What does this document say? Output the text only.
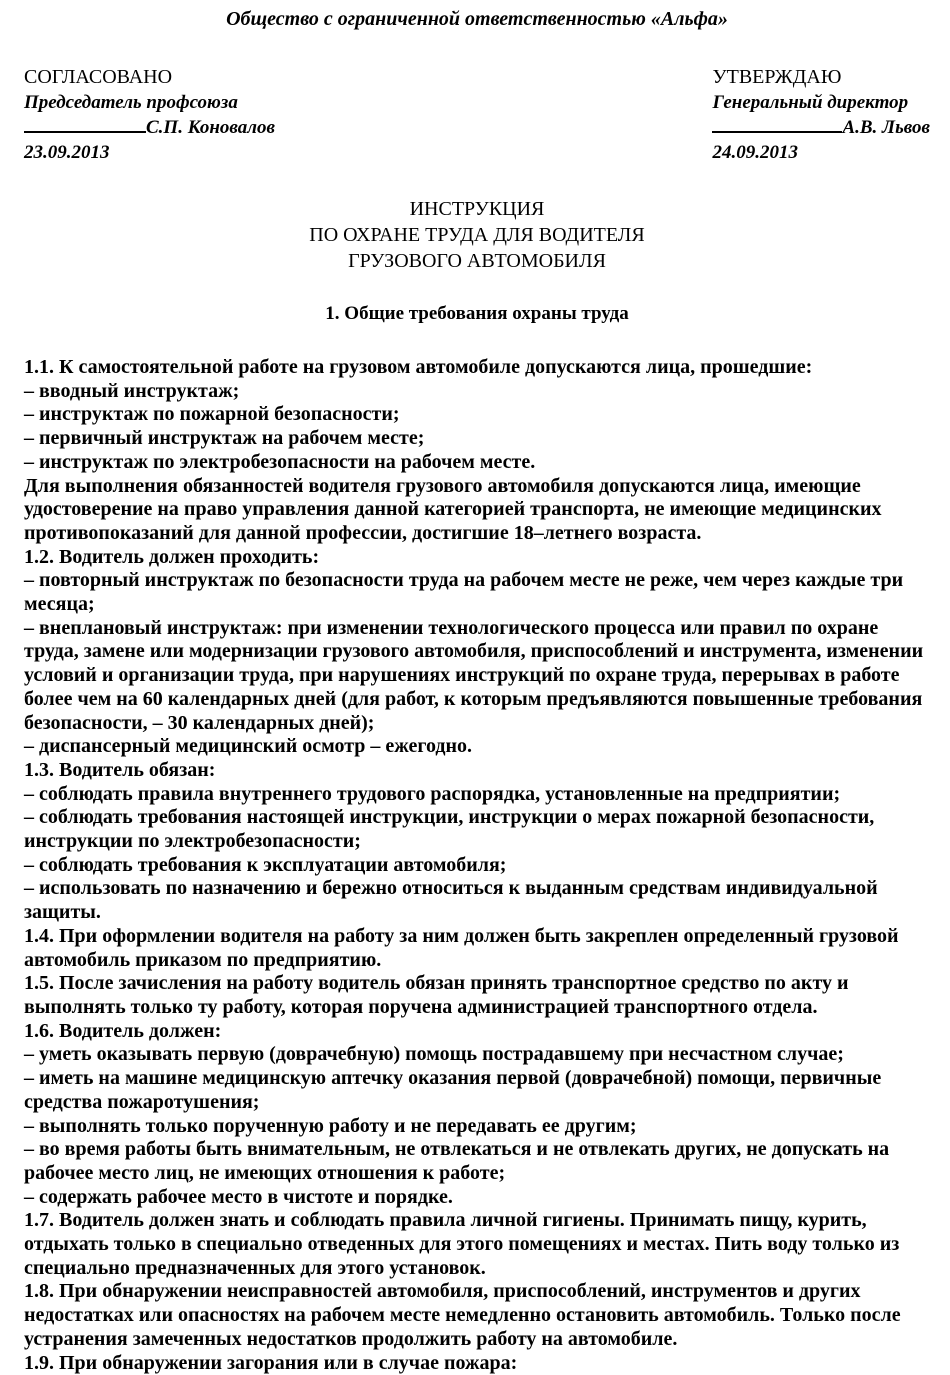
Общество с ограниченной ответственностью «Альфа»
СОГЛАСОВАНО
Председатель профсоюза
С.П. Коновалов
23.09.2013
УТВЕРЖДАЮ
Генеральный директор
А.В. Львов
24.09.2013
ИНСТРУКЦИЯ
ПО ОХРАНЕ ТРУДА ДЛЯ ВОДИТЕЛЯ
ГРУЗОВОГО АВТОМОБИЛЯ
1. Общие требования охраны труда

1.1. К самостоятельной работе на грузовом автомобиле допускаются лица, прошедшие:

– вводный инструктаж;

– инструктаж по пожарной безопасности;

– первичный инструктаж на рабочем месте;

– инструктаж по электробезопасности на рабочем месте.

Для выполнения обязанностей водителя грузового автомобиля допускаются лица, имеющие удостоверение на право управления данной категорией транспорта, не имеющие медицинских противопоказаний для данной профессии, достигшие 18–летнего возраста.

1.2. Водитель должен проходить:

– повторный инструктаж по безопасности труда на рабочем месте не реже, чем через каждые три месяца;

– внеплановый инструктаж: при изменении технологического процесса или правил по охране труда, замене или модернизации грузового автомобиля, приспособлений и инструмента, изменении условий и организации труда, при нарушениях инструкций по охране труда, перерывах в работе более чем на 60 календарных дней (для работ, к которым предъявляются повышенные требования безопасности, – 30 календарных дней);

– диспансерный медицинский осмотр – ежегодно.

1.3. Водитель обязан:

– соблюдать правила внутреннего трудового распорядка, установленные на предприятии;

– соблюдать требования настоящей инструкции, инструкции о мерах пожарной безопасности, инструкции по электробезопасности;

– соблюдать требования к эксплуатации автомобиля;

– использовать по назначению и бережно относиться к выданным средствам индивидуальной защиты.

1.4. При оформлении водителя на работу за ним должен быть закреплен определенный грузовой автомобиль приказом по предприятию.

1.5. После зачисления на работу водитель обязан принять транспортное средство по акту и выполнять только ту работу, которая поручена администрацией транспортного отдела.

1.6. Водитель должен:

– уметь оказывать первую (доврачебную) помощь пострадавшему при несчастном случае;

– иметь на машине медицинскую аптечку оказания первой (доврачебной) помощи, первичные средства пожаротушения;

– выполнять только порученную работу и не передавать ее другим;

– во время работы быть внимательным, не отвлекаться и не отвлекать других, не допускать на рабочее место лиц, не имеющих отношения к работе;

– содержать рабочее место в чистоте и порядке.

1.7. Водитель должен знать и соблюдать правила личной гигиены. Принимать пищу, курить, отдыхать только в специально отведенных для этого помещениях и местах. Пить воду только из специально предназначенных для этого установок.

1.8. При обнаружении неисправностей автомобиля, приспособлений, инструментов и других недостатках или опасностях на рабочем месте немедленно остановить автомобиль. Только после устранения замеченных недостатков продолжить работу на автомобиле.

1.9. При обнаружении загорания или в случае пожара:
